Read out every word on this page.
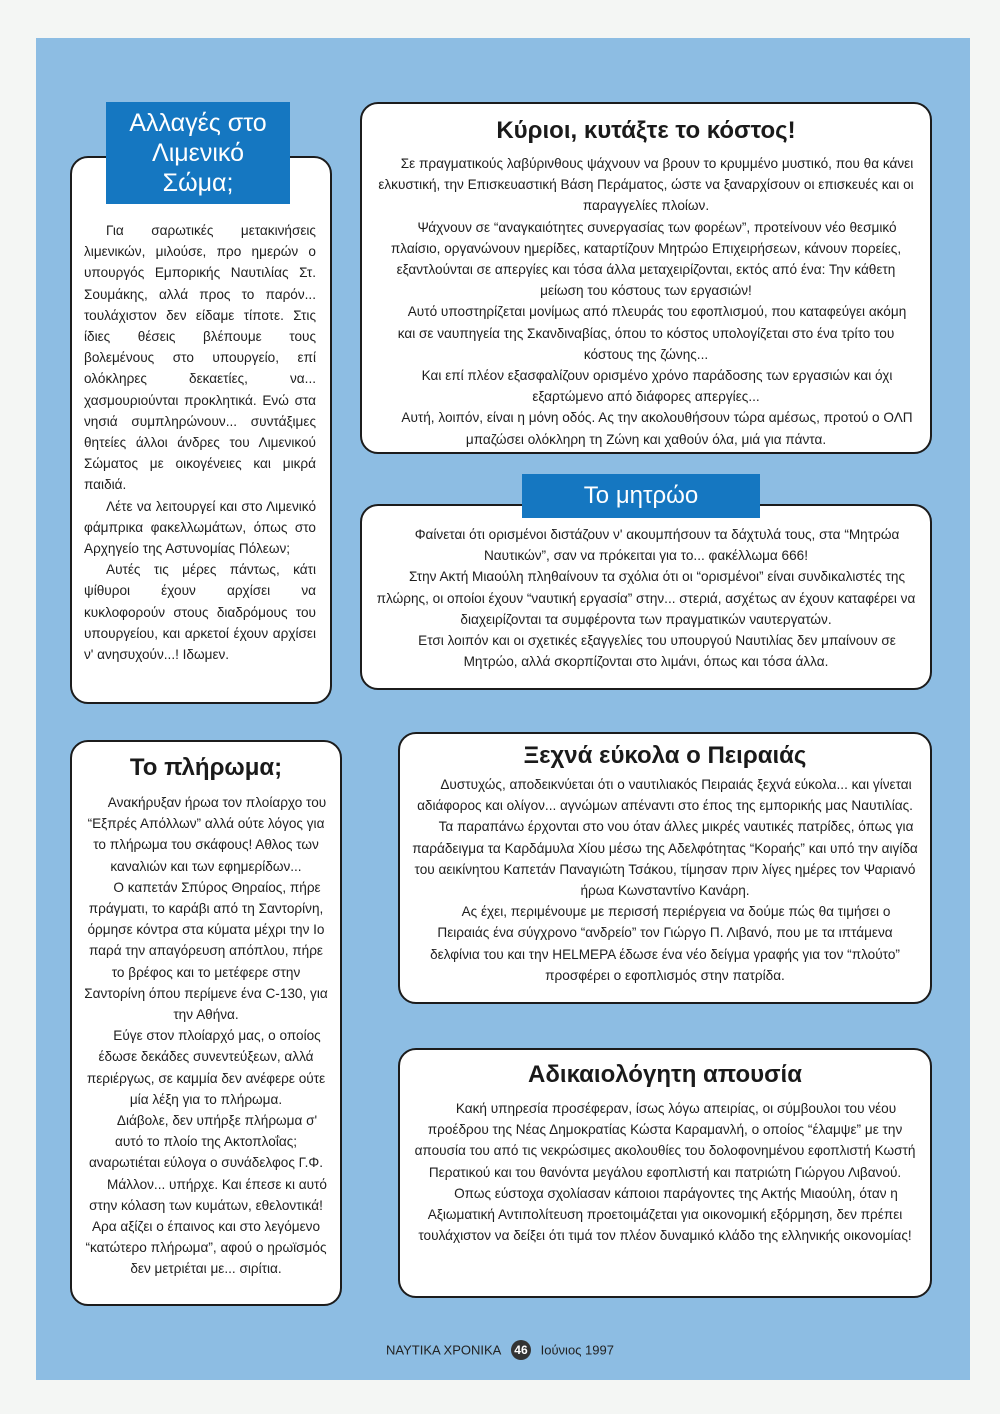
Για σαρωτικές μετακινήσεις λιμενικών, μιλούσε, προ ημερών ο υπουργός Εμπορικής Ναυτιλίας Στ. Σουμάκης, αλλά προς το παρόν... τουλάχιστον δεν είδαμε τίποτε. Στις ίδιες θέσεις βλέπουμε τους βολεμένους στο υπουργείο, επί ολόκληρες δεκαετίες, να... χασμουριούνται προκλητικά. Ενώ στα νησιά συμπληρώνουν... συντάξιμες θητείες άλλοι άνδρες του Λιμενικού Σώματος με οικογένειες και μικρά παιδιά.

Λέτε να λειτουργεί και στο Λιμενικό φάμπρικα φακελλωμάτων, όπως στο Αρχηγείο της Αστυνομίας Πόλεων;

Αυτές τις μέρες πάντως, κάτι ψίθυροι έχουν αρχίσει να κυκλοφορούν στους διαδρόμους του υπουργείου, και αρκετοί έχουν αρχίσει ν' ανησυχούν...! Ιδωμεν.

Αλλαγές στο Λιμενικό Σώμα;
Κύριοι, κυτάξτε το κόστος!

Σε πραγματικούς λαβύρινθους ψάχνουν να βρουν το κρυμμένο μυστικό, που θα κάνει ελκυστική, την Επισκευαστική Βάση Περάματος, ώστε να ξαναρχίσουν οι επισκευές και οι παραγγελίες πλοίων.

Ψάχνουν σε “αναγκαιότητες συνεργασίας των φορέων”, προτείνουν νέο θεσμικό πλαίσιο, οργανώνουν ημερίδες, καταρτίζουν Μητρώο Επιχειρήσεων, κάνουν πορείες, εξαντλούνται σε απεργίες και τόσα άλλα μεταχειρίζονται, εκτός από ένα: Την κάθετη μείωση του κόστους των εργασιών!

Αυτό υποστηρίζεται μονίμως από πλευράς του εφοπλισμού, που καταφεύγει ακόμη και σε ναυπηγεία της Σκανδιναβίας, όπου το κόστος υπολογίζεται στο ένα τρίτο του κόστους της ζώνης...

Και επί πλέον εξασφαλίζουν ορισμένο χρόνο παράδοσης των εργασιών και όχι εξαρτώμενο από διάφορες απεργίες...

Αυτή, λοιπόν, είναι η μόνη οδός. Ας την ακολουθήσουν τώρα αμέσως, προτού ο ΟΛΠ μπαζώσει ολόκληρη τη Ζώνη και χαθούν όλα, μιά για πάντα.

Φαίνεται ότι ορισμένοι διστάζουν ν' ακουμπήσουν τα δάχτυλά τους, στα “Μητρώα Ναυτικών”, σαν να πρόκειται για το... φακέλλωμα 666!

Στην Ακτή Μιαούλη πληθαίνουν τα σχόλια ότι οι “ορισμένοι” είναι συνδικαλιστές της πλώρης, οι οποίοι έχουν “ναυτική εργασία” στην... στεριά, ασχέτως αν έχουν καταφέρει να διαχειρίζονται τα συμφέροντα των πραγματικών ναυτεργατών.

Ετσι λοιπόν και οι σχετικές εξαγγελίες του υπουργού Ναυτιλίας δεν μπαίνουν σε Μητρώο, αλλά σκορπίζονται στο λιμάνι, όπως και τόσα άλλα.

Το μητρώο
Το πλήρωμα;

Ανακήρυξαν ήρωα τον πλοίαρχο του “Εξπρές Απόλλων” αλλά ούτε λόγος για το πλήρωμα του σκάφους! Αθλος των καναλιών και των εφημερίδων...

Ο καπετάν Σπύρος Θηραίος, πήρε πράγματι, το καράβι από τη Σαντορίνη, όρμησε κόντρα στα κύματα μέχρι την Ιο παρά την απαγόρευση απόπλου, πήρε το βρέφος και το μετέφερε στην Σαντορίνη όπου περίμενε ένα C-130, για την Αθήνα.

Εύγε στον πλοίαρχό μας, ο οποίος έδωσε δεκάδες συνεντεύξεων, αλλά περιέργως, σε καμμία δεν ανέφερε ούτε μία λέξη για το πλήρωμα.

Διάβολε, δεν υπήρξε πλήρωμα σ' αυτό το πλοίο της Ακτοπλοΐας; αναρωτιέται εύλογα ο συνάδελφος Γ.Φ.

Μάλλον... υπήρχε. Και έπεσε κι αυτό στην κόλαση των κυμάτων, εθελοντικά! Αρα αξίζει ο έπαινος και στο λεγόμενο “κατώτερο πλήρωμα”, αφού ο ηρωϊσμός δεν μετριέται με... σιρίτια.

Ξεχνά εύκολα ο Πειραιάς

Δυστυχώς, αποδεικνύεται ότι ο ναυτιλιακός Πειραιάς ξεχνά εύκολα... και γίνεται αδιάφορος και ολίγον... αγνώμων απέναντι στο έπος της εμπορικής μας Ναυτιλίας.

Τα παραπάνω έρχονται στο νου όταν άλλες μικρές ναυτικές πατρίδες, όπως για παράδειγμα τα Καρδάμυλα Χίου μέσω της Αδελφότητας “Κοραής” και υπό την αιγίδα του αεικίνητου Καπετάν Παναγιώτη Τσάκου, τίμησαν πριν λίγες ημέρες τον Ψαριανό ήρωα Κωνσταντίνο Κανάρη.

Ας έχει, περιμένουμε με περισσή περιέργεια να δούμε πώς θα τιμήσει ο Πειραιάς ένα σύγχρονο “ανδρείο” τον Γιώργο Π. Λιβανό, που με τα ιπτάμενα δελφίνια του και την HELMEPA έδωσε ένα νέο δείγμα γραφής για τον “πλούτο” προσφέρει ο εφοπλισμός στην πατρίδα.

Αδικαιολόγητη απουσία

Κακή υπηρεσία προσέφεραν, ίσως λόγω απειρίας, οι σύμβουλοι του νέου προέδρου της Νέας Δημοκρατίας Κώστα Καραμανλή, ο οποίος “έλαμψε” με την απουσία του από τις νεκρώσιμες ακολουθίες του δολοφονημένου εφοπλιστή Κωστή Περατικού και του θανόντα μεγάλου εφοπλιστή και πατριώτη Γιώργου Λιβανού.

Οπως εύστοχα σχολίασαν κάποιοι παράγοντες της Ακτής Μιαούλη, όταν η Αξιωματική Αντιπολίτευση προετοιμάζεται για οικονομική εξόρμηση, δεν πρέπει τουλάχιστον να δείξει ότι τιμά τον πλέον δυναμικό κλάδο της ελληνικής οικονομίας!

ΝΑΥΤΙΚΑ ΧΡΟΝΙΚΑ 46 Ιούνιος 1997
